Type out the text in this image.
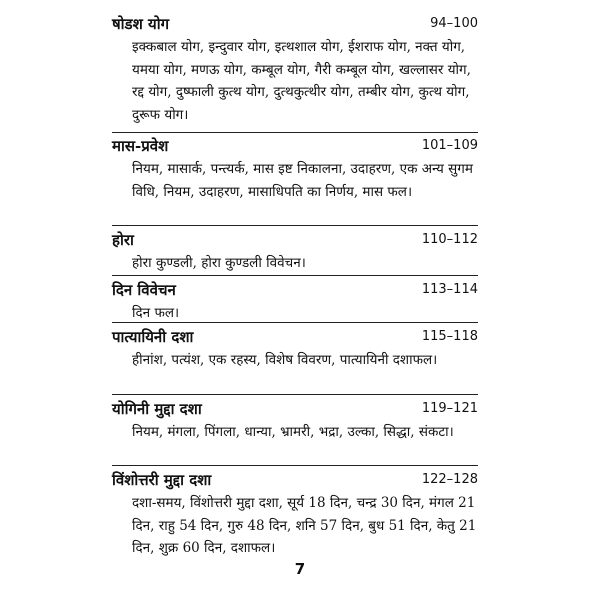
षोडश योग	94–100
इक्कबाल योग, इन्दुवार योग, इत्थशाल योग, ईशराफ योग, नक्त योग, यमया योग, मणऊ योग, कम्बूल योग, गैरी कम्बूल योग, खल्लासर योग, रद्द योग, दुष्फाली कुत्थ योग, दुत्थकुत्थीर योग, तम्बीर योग, कुत्थ योग, दुरूफ योग।
मास-प्रवेश	101–109
नियम, मासार्क, पन्त्यर्क, मास इष्ट निकालना, उदाहरण, एक अन्य सुगम विधि, नियम, उदाहरण, मासाधिपति का निर्णय, मास फल।
होरा	110–112
होरा कुण्डली, होरा कुण्डली विवेचन।
दिन विवेचन	113–114
दिन फल।
पात्यायिनी दशा	115–118
हीनांश, पत्यंश, एक रहस्य, विशेष विवरण, पात्यायिनी दशाफल।
योगिनी मुद्दा दशा	119–121
नियम, मंगला, पिंगला, धान्या, भ्रामरी, भद्रा, उल्का, सिद्धा, संकटा।
विंशोत्तरी मुद्दा दशा	122–128
दशा-समय, विंशोत्तरी मुद्दा दशा, सूर्य 18 दिन, चन्द्र 30 दिन, मंगल 21 दिन, राहु 54 दिन, गुरु 48 दिन, शनि 57 दिन, बुध 51 दिन, केतु 21 दिन, शुक्र 60 दिन, दशाफल।
7
